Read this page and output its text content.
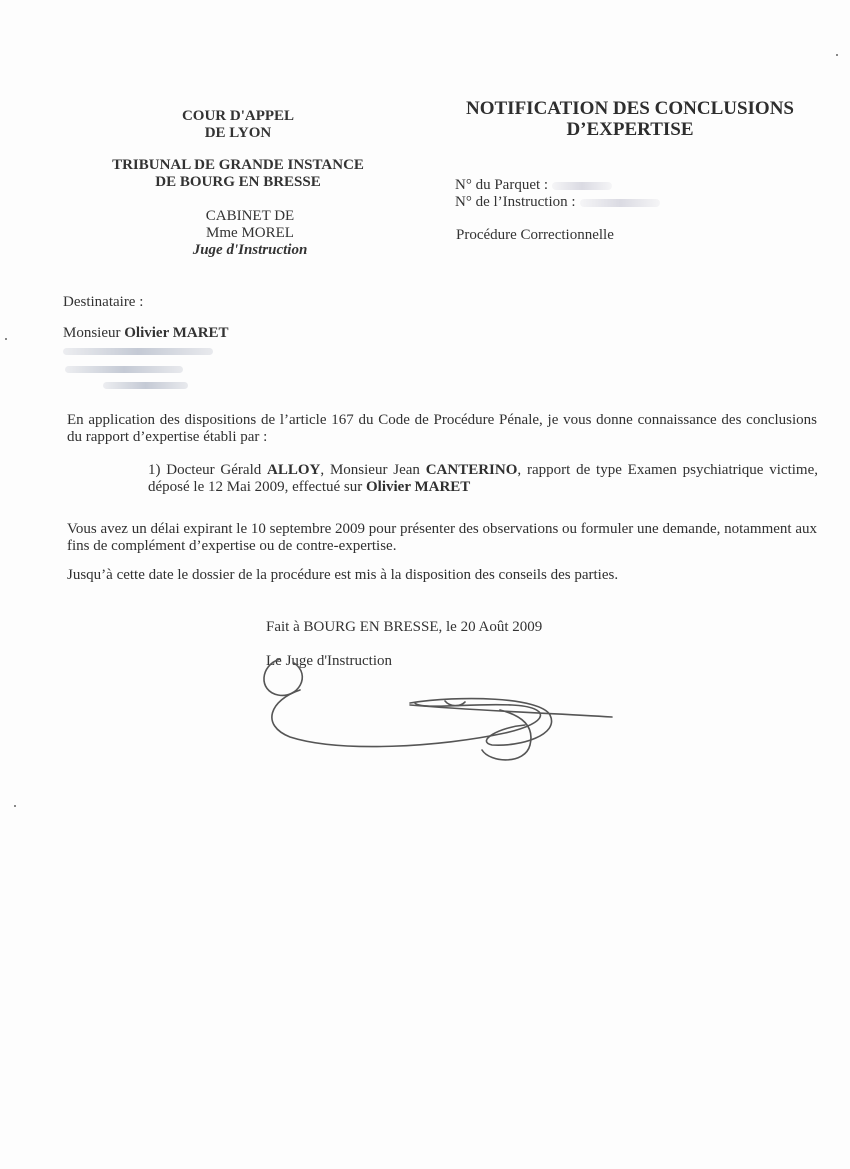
COUR D'APPEL
DE LYON
TRIBUNAL DE GRANDE INSTANCE
DE BOURG EN BRESSE
CABINET DE
Mme MOREL
Juge d'Instruction
NOTIFICATION DES CONCLUSIONS
D’EXPERTISE
N° du Parquet :
N° de l’Instruction :
Procédure Correctionnelle
Destinataire :
Monsieur Olivier MARET
En application des dispositions de l’article 167 du Code de Procédure Pénale, je vous donne connaissance des conclusions du rapport d’expertise établi par :
1) Docteur Gérald ALLOY, Monsieur Jean CANTERINO, rapport de type Examen psychiatrique victime, déposé le 12 Mai 2009, effectué sur Olivier MARET
Vous avez un délai expirant le 10 septembre 2009 pour présenter des observations ou formuler une demande, notamment aux fins de complément d’expertise ou de contre-expertise.
Jusqu’à cette date le dossier de la procédure est mis à la disposition des conseils des parties.
Fait à BOURG EN BRESSE, le 20 Août 2009
Le Juge d'Instruction
